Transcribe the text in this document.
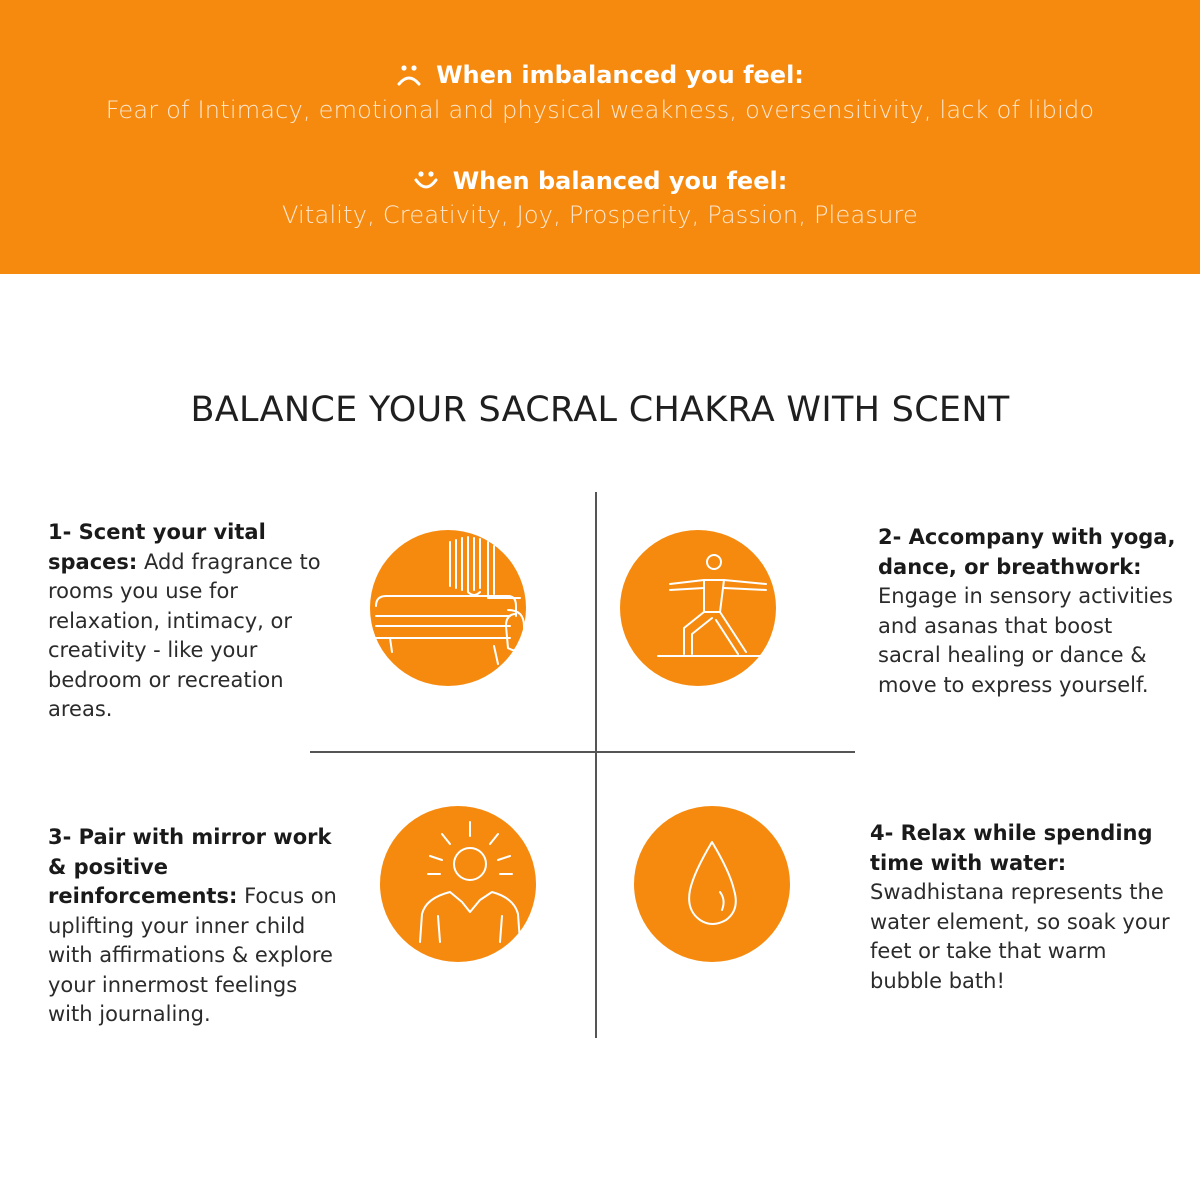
When imbalanced you feel:
Fear of Intimacy, emotional and physical weakness, oversensitivity, lack of libido
When balanced you feel:
Vitality, Creativity, Joy, Prosperity, Passion, Pleasure
BALANCE YOUR SACRAL CHAKRA WITH SCENT
1- Scent your vital spaces: Add fragrance to rooms you use for relaxation, intimacy, or creativity - like your bedroom or recreation areas.
2- Accompany with yoga, dance, or breathwork: Engage in sensory activities and asanas that boost sacral healing or dance & move to express yourself.
3- Pair with mirror work & positive reinforcements: Focus on uplifting your inner child with affirmations & explore your innermost feelings with journaling.
4- Relax while spending time with water: Swadhistana represents the water element, so soak your feet or take that warm bubble bath!
